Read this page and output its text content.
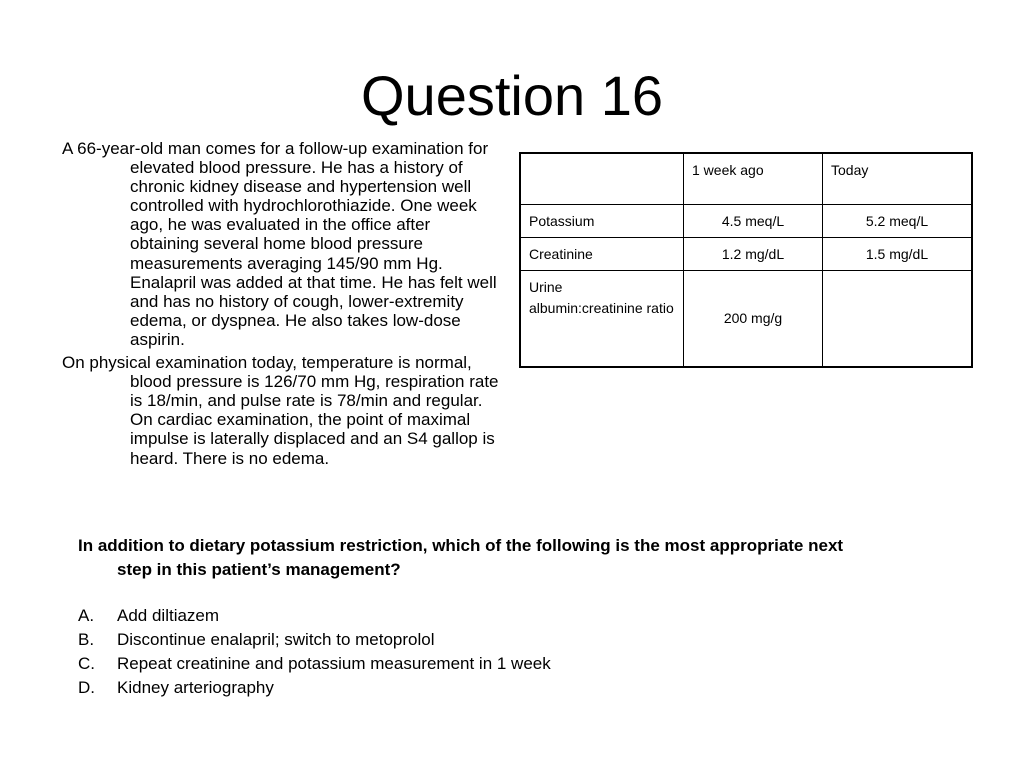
Question 16

A 66-year-old man comes for a follow-up examination for elevated blood pressure. He has a history of chronic kidney disease and hypertension well controlled with hydrochlorothiazide. One week ago, he was evaluated in the office after obtaining several home blood pressure measurements averaging 145/90 mm Hg. Enalapril was added at that time. He has felt well and has no history of cough, lower-extremity edema, or dyspnea. He also takes low-dose aspirin.

On physical examination today, temperature is normal, blood pressure is 126/70 mm Hg, respiration rate is 18/min, and pulse rate is 78/min and regular. On cardiac examination, the point of maximal impulse is laterally displaced and an S4 gallop is heard. There is no edema.

	1 week ago	Today
Potassium	4.5 meq/L	5.2 meq/L
Creatinine	1.2 mg/dL	1.5 mg/dL
Urine albumin:creatinine ratio	200 mg/g	

In addition to dietary potassium restriction, which of the following is the most appropriate next step in this patient’s management?

A.	Add diltiazem
B.	Discontinue enalapril; switch to metoprolol
C.	Repeat creatinine and potassium measurement in 1 week
D.	Kidney arteriography
